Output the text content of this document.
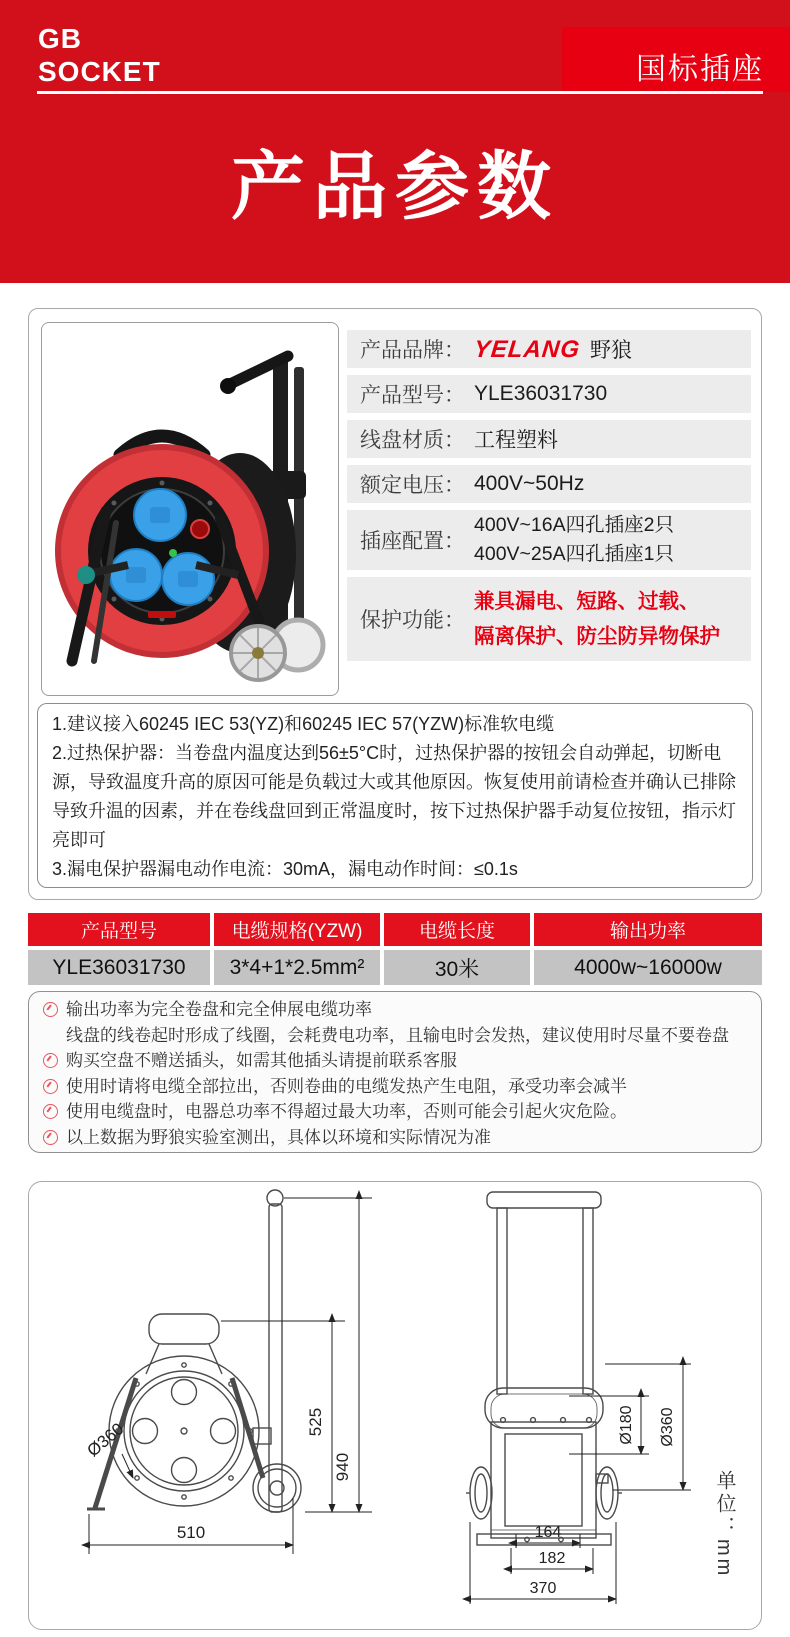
GB
SOCKET	国标插座
产品参数
产品品牌： YELANG 野狼
产品型号： YLE36031730
线盘材质： 工程塑料
额定电压： 400V~50Hz
插座配置：
400V~16A四孔插座2只
400V~25A四孔插座1只
保护功能：
兼具漏电、短路、过载、
隔离保护、防尘防异物保护

1.建议接入60245 IEC 53(YZ)和60245 IEC 57(YZW)标准软电缆

2.过热保护器：当卷盘内温度达到56±5°C时，过热保护器的按钮会自动弹起，切断电源，导致温度升高的原因可能是负载过大或其他原因。恢复使用前请检查并确认已排除导致升温的因素，并在卷线盘回到正常温度时，按下过热保护器手动复位按钮，指示灯亮即可

3.漏电保护器漏电动作电流：30mA，漏电动作时间：≤0.1s

产品型号	电缆规格(YZW)	电缆长度	输出功率
YLE36031730	3*4+1*2.5mm²	30米	4000w~16000w
输出功率为完全卷盘和完全伸展电缆功率
线盘的线卷起时形成了线圈，会耗费电功率，且输电时会发热，建议使用时尽量不要卷盘
购买空盘不赠送插头，如需其他插头请提前联系客服
使用时请将电缆全部拉出，否则卷曲的电缆发热产生电阻，承受功率会减半
使用电缆盘时，电器总功率不得超过最大功率，否则可能会引起火灾危险。
以上数据为野狼实验室测出，具体以环境和实际情况为准
510
525
940
Ø360	Ø180 Ø360
164
182
370
单位：mm
